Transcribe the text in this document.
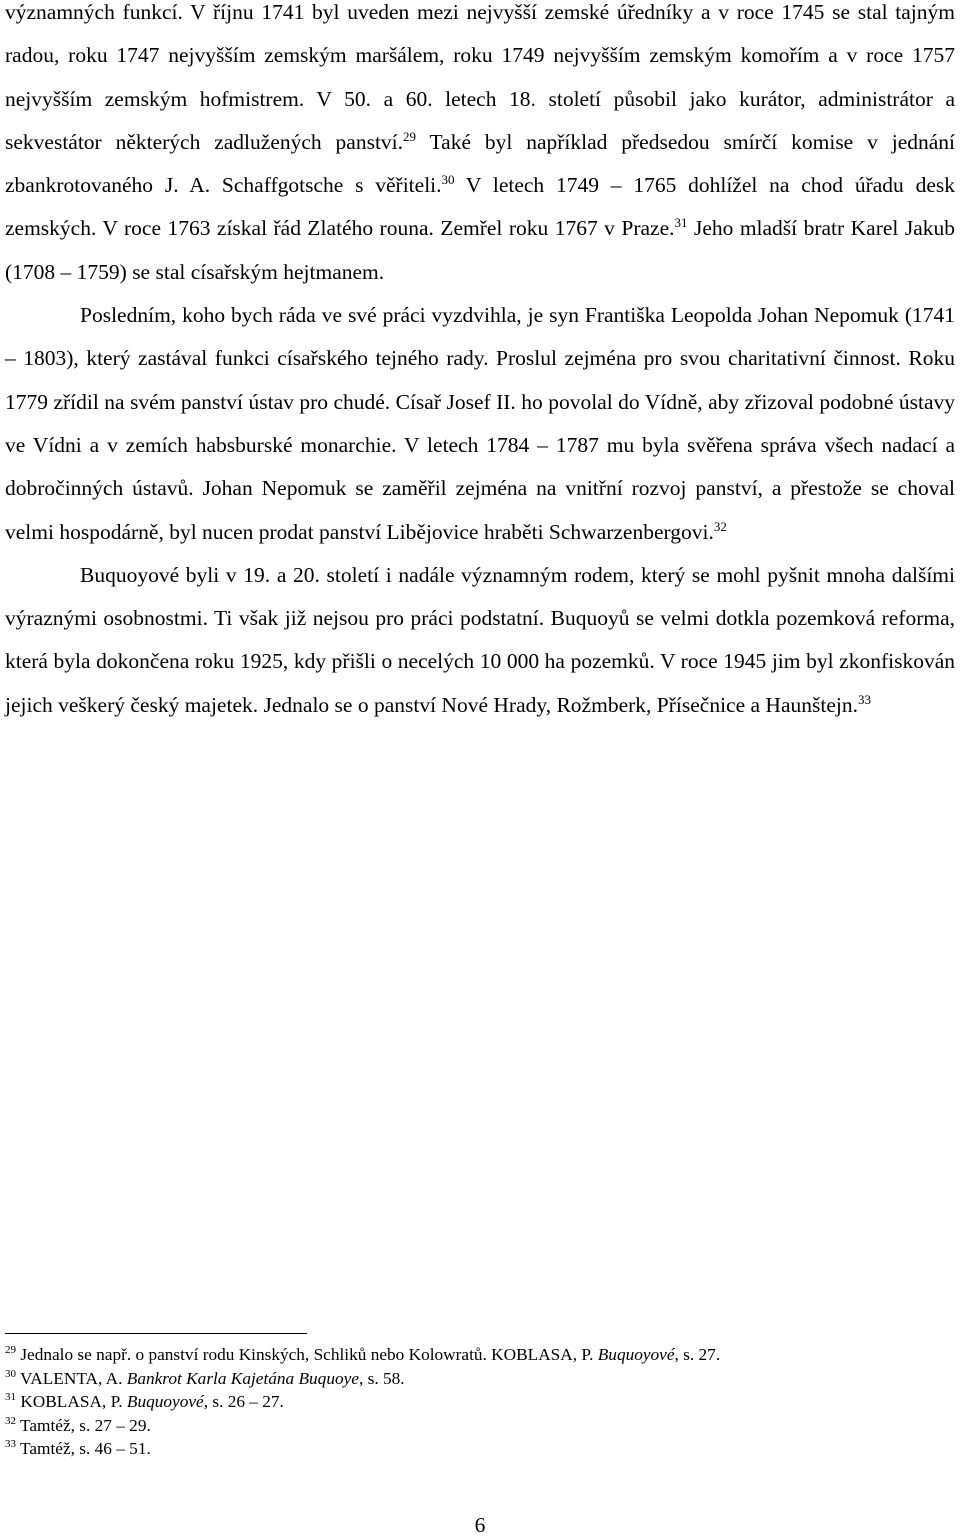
významných funkcí. V říjnu 1741 byl uveden mezi nejvyšší zemské úředníky a v roce 1745 se stal tajným radou, roku 1747 nejvyšším zemským maršálem, roku 1749 nejvyšším zemským komořím a v roce 1757 nejvyšším zemským hofmistrem. V 50. a 60. letech 18. století působil jako kurátor, administrátor a sekvestátor některých zadlužených panství.$^{29}$ Také byl například předsedou smírčí komise v jednání zbankrotovaného J. A. Schaffgotsche s věřiteli.$^{30}$ V letech 1749 – 1765 dohlížel na chod úřadu desk zemských. V roce 1763 získal řád Zlatého rouna. Zemřel roku 1767 v Praze.$^{31}$ Jeho mladší bratr Karel Jakub (1708 – 1759) se stal císařským hejtmanem.

Posledním, koho bych ráda ve své práci vyzdvihla, je syn Františka Leopolda Johan Nepomuk (1741 – 1803), který zastával funkci císařského tejného rady. Proslul zejména pro svou charitativní činnost. Roku 1779 zřídil na svém panství ústav pro chudé. Císař Josef II. ho povolal do Vídně, aby zřizoval podobné ústavy ve Vídni a v zemích habsburské monarchie. V letech 1784 – 1787 mu byla svěřena správa všech nadací a dobročinných ústavů. Johan Nepomuk se zaměřil zejména na vnitřní rozvoj panství, a přestože se choval velmi hospodárně, byl nucen prodat panství Libějovice hraběti Schwarzenbergovi.$^{32}$

Buquoyové byli v 19. a 20. století i nadále významným rodem, který se mohl pyšnit mnoha dalšími výraznými osobnostmi. Ti však již nejsou pro práci podstatní. Buquoyů se velmi dotkla pozemková reforma, která byla dokončena roku 1925, kdy přišli o necelých 10 000 ha pozemků. V roce 1945 jim byl zkonfiskován jejich veškerý český majetek. Jednalo se o panství Nové Hrady, Rožmberk, Přísečnice a Haunštejn.$^{33}$

$^{29}$ Jednalo se např. o panství rodu Kinských, Schliků nebo Kolowratů. KOBLASA, P. Buquoyové, s. 27.

$^{30}$ VALENTA, A. Bankrot Karla Kajetána Buquoye, s. 58.

$^{31}$ KOBLASA, P. Buquoyové, s. 26 – 27.

$^{32}$ Tamtéž, s. 27 – 29.

$^{33}$ Tamtéž, s. 46 – 51.

6
